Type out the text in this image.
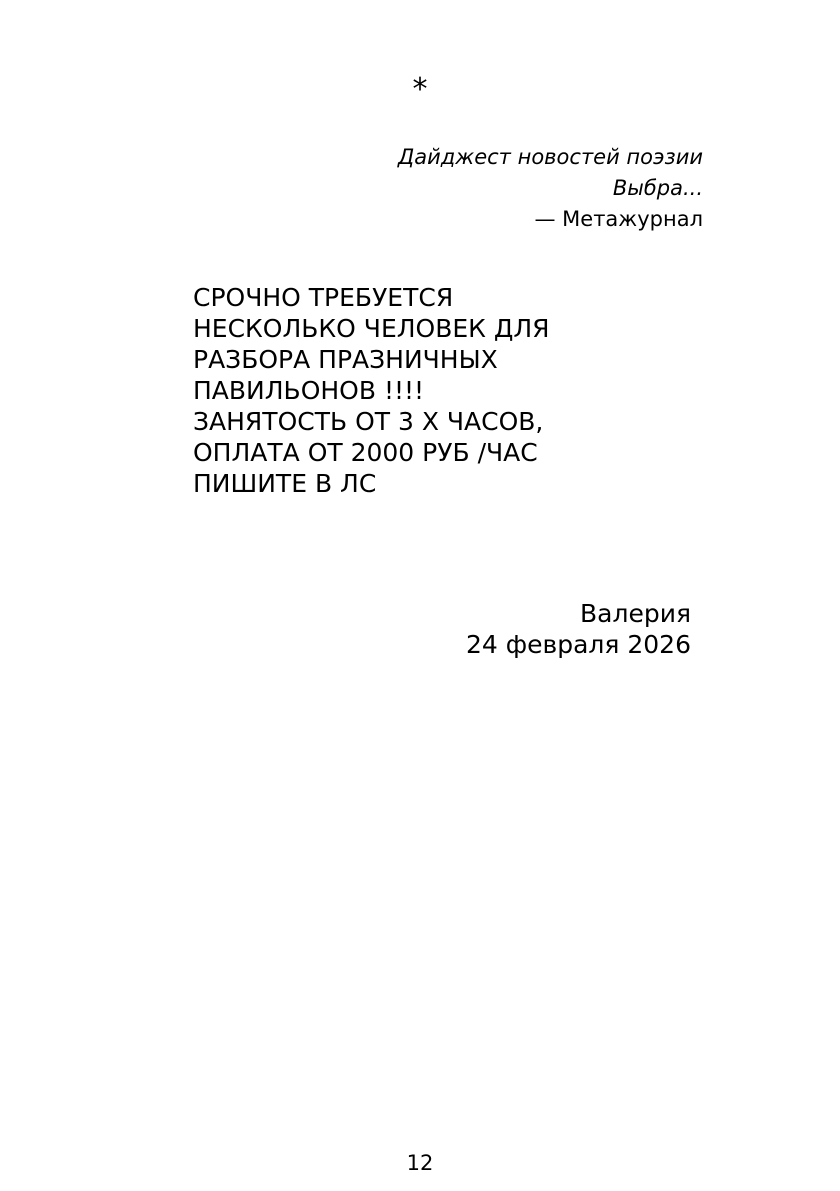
*
Дайджест новостей поэзии
Выбра...
— Метажурнал
СРОЧНО ТРЕБУЕТСЯ
НЕСКОЛЬКО ЧЕЛОВЕК ДЛЯ
РАЗБОРА ПРАЗНИЧНЫХ
ПАВИЛЬОНОВ !!!!
ЗАНЯТОСТЬ ОТ 3 Х ЧАСОВ,
ОПЛАТА ОТ 2000 РУБ /ЧАС
ПИШИТЕ В ЛС
Валерия
24 февраля 2026
12
